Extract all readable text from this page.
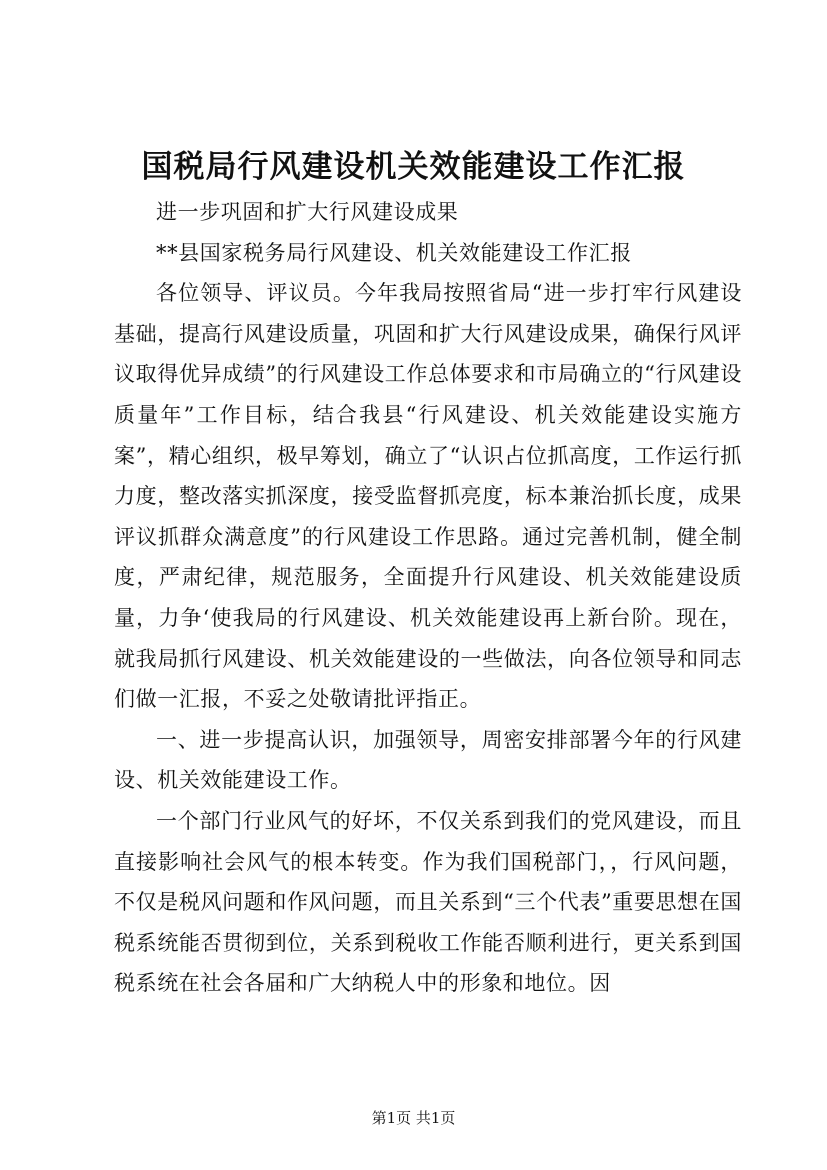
国税局行风建设机关效能建设工作汇报

进一步巩固和扩大行风建设成果

**县国家税务局行风建设、机关效能建设工作汇报

各位领导、评议员。今年我局按照省局“进一步打牢行风建设基础，提高行风建设质量，巩固和扩大行风建设成果，确保行风评议取得优异成绩”的行风建设工作总体要求和市局确立的“行风建设质量年”工作目标，结合我县“行风建设、机关效能建设实施方案”，精心组织，极早筹划，确立了“认识占位抓高度，工作运行抓力度，整改落实抓深度，接受监督抓亮度，标本兼治抓长度，成果评议抓群众满意度”的行风建设工作思路。通过完善机制，健全制度，严肃纪律，规范服务，全面提升行风建设、机关效能建设质量，力争‘使我局的行风建设、机关效能建设再上新台阶。现在，就我局抓行风建设、机关效能建设的一些做法，向各位领导和同志们做一汇报，不妥之处敬请批评指正。

一、进一步提高认识，加强领导，周密安排部署今年的行风建设、机关效能建设工作。

一个部门行业风气的好坏，不仅关系到我们的党风建设，而且直接影响社会风气的根本转变。作为我们国税部门，，行风问题，不仅是税风问题和作风问题，而且关系到“三个代表”重要思想在国税系统能否贯彻到位，关系到税收工作能否顺利进行，更关系到国税系统在社会各届和广大纳税人中的形象和地位。因

第1页 共1页
